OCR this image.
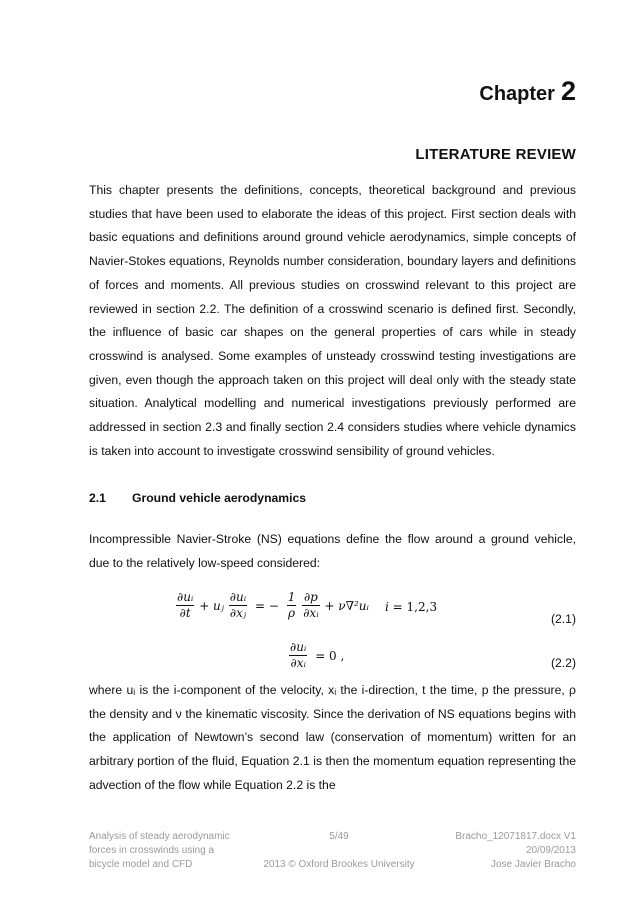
Chapter 2
LITERATURE REVIEW

This chapter presents the definitions, concepts, theoretical background and previous studies that have been used to elaborate the ideas of this project. First section deals with basic equations and definitions around ground vehicle aerodynamics, simple concepts of Navier-Stokes equations, Reynolds number consideration, boundary layers and definitions of forces and moments. All previous studies on crosswind relevant to this project are reviewed in section 2.2. The definition of a crosswind scenario is defined first. Secondly, the influence of basic car shapes on the general properties of cars while in steady crosswind is analysed. Some examples of unsteady crosswind testing investigations are given, even though the approach taken on this project will deal only with the steady state situation. Analytical modelling and numerical investigations previously performed are addressed in section 2.3 and finally section 2.4 considers studies where vehicle dynamics is taken into account to investigate crosswind sensibility of ground vehicles.

2.1 Ground vehicle aerodynamics

Incompressible Navier-Stroke (NS) equations define the flow around a ground vehicle, due to the relatively low-speed considered:

$\frac{\text{∂uᵢ}}{\partial t}$ + uⱼ $\frac{\text{∂uᵢ}}{\text{∂xⱼ}}$ = − $\frac{1}{\rho}$
$\frac{\partial p}{\text{∂xᵢ}}$ + ν∇²uᵢ i = 1,2,3
(2.1)
$\frac{\text{∂uᵢ}}{\text{∂xᵢ}} = 0$ ,
(2.2)

where uᵢ is the i-component of the velocity, xᵢ the i-direction, t the time, p the pressure, ρ the density and ν the kinematic viscosity. Since the derivation of NS equations begins with the application of Newtown’s second law (conservation of momentum) written for an arbitrary portion of the fluid, Equation 2.1 is then the momentum equation representing the advection of the flow while Equation 2.2 is the

Analysis of steady aerodynamic
forces in crosswinds using a
bicycle model and CFD
5/49
2013 © Oxford Brookes University
Bracho_12071817.docx V1
20/09/2013
Jose Javier Bracho
